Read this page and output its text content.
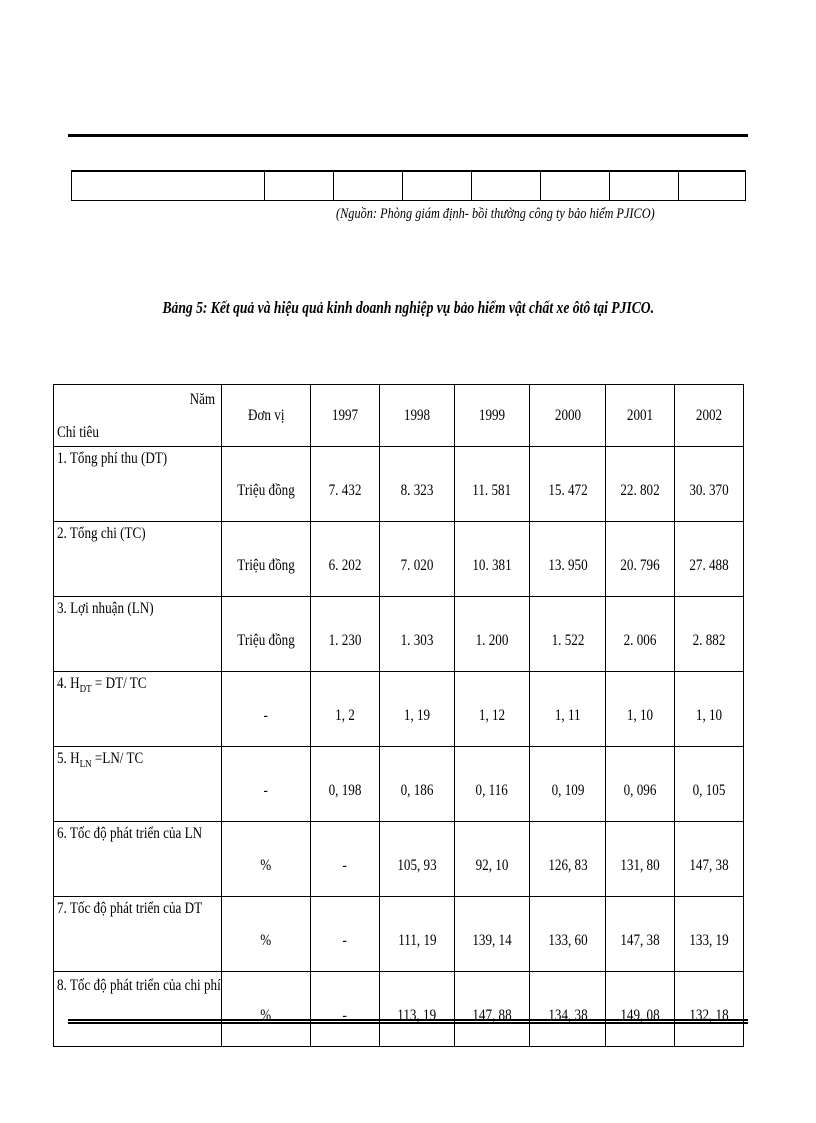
(Nguồn: Phòng giám định- bồi thường công ty bảo hiểm PJICO)
Bảng 5: Kết quả và hiệu quả kinh doanh nghiệp vụ bảo hiểm vật chất xe ôtô tại PJICO.
Năm
Chỉ tiêu	Đơn vị	1997	1998	1999	2000	2001	2002
1. Tổng phí thu (DT)	Triệu đồng	7. 432	8. 323	11. 581	15. 472	22. 802	30. 370
2. Tổng chi (TC)	Triệu đồng	6. 202	7. 020	10. 381	13. 950	20. 796	27. 488
3. Lợi nhuận (LN)	Triệu đồng	1. 230	1. 303	1. 200	1. 522	2. 006	2. 882
4. $H_{DT} = DT/$ TC	-	1, 2	1, 19	1, 12	1, 11	1, 10	1, 10
5. $H_{LN} =LN/$ TC	-	0, 198	0, 186	0, 116	0, 109	0, 096	0, 105
6. Tốc độ phát triển của LN	%	-	105, 93	92, 10	126, 83	131, 80	147, 38
7. Tốc độ phát triển của DT	%	-	111, 19	139, 14	133, 60	147, 38	133, 19
8. Tốc độ phát triển của chi phí	%	-	113, 19	147, 88	134, 38	149, 08	132, 18
